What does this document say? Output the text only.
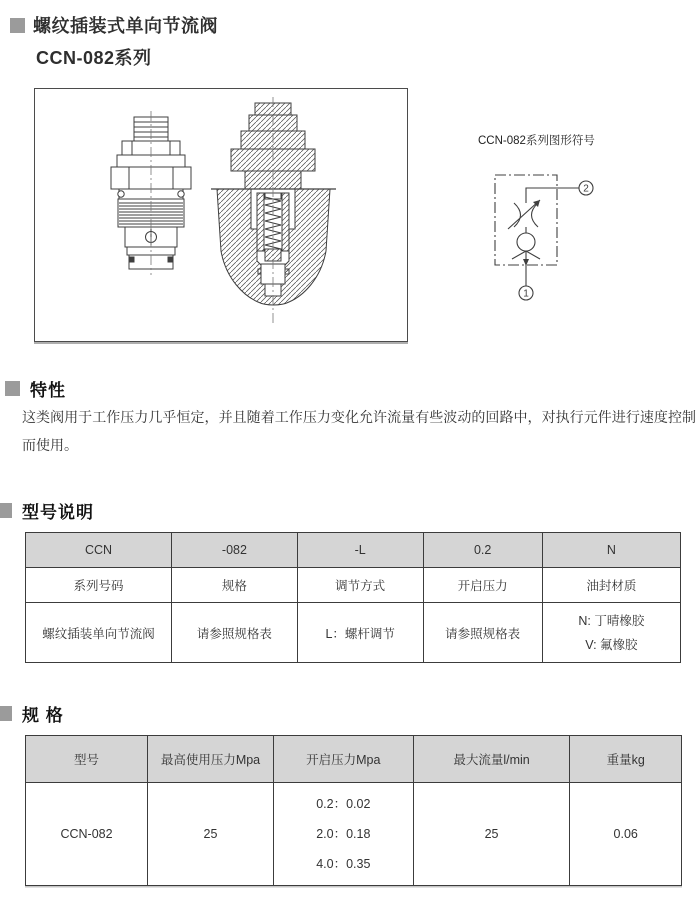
螺纹插装式单向节流阀
CCN-082系列
CCN-082系列图形符号
2
1
特性
这类阀用于工作压力几乎恒定，并且随着工作压力变化允许流量有些波动的回路中，对执行元件进行速度控制而使用。
型号说明
CCN	-082	-L	0.2	N
系列号码	规格	调节方式	开启压力	油封材质
螺纹插装单向节流阀	请参照规格表	L：螺杆调节	请参照规格表	N: 丁晴橡胶
V: 氟橡胶
规 格
型号	最高使用压力Mpa	开启压力Mpa	最大流量l/min	重量kg
CCN-082	25	0.2：0.02
2.0：0.18
4.0：0.35	25	0.06
